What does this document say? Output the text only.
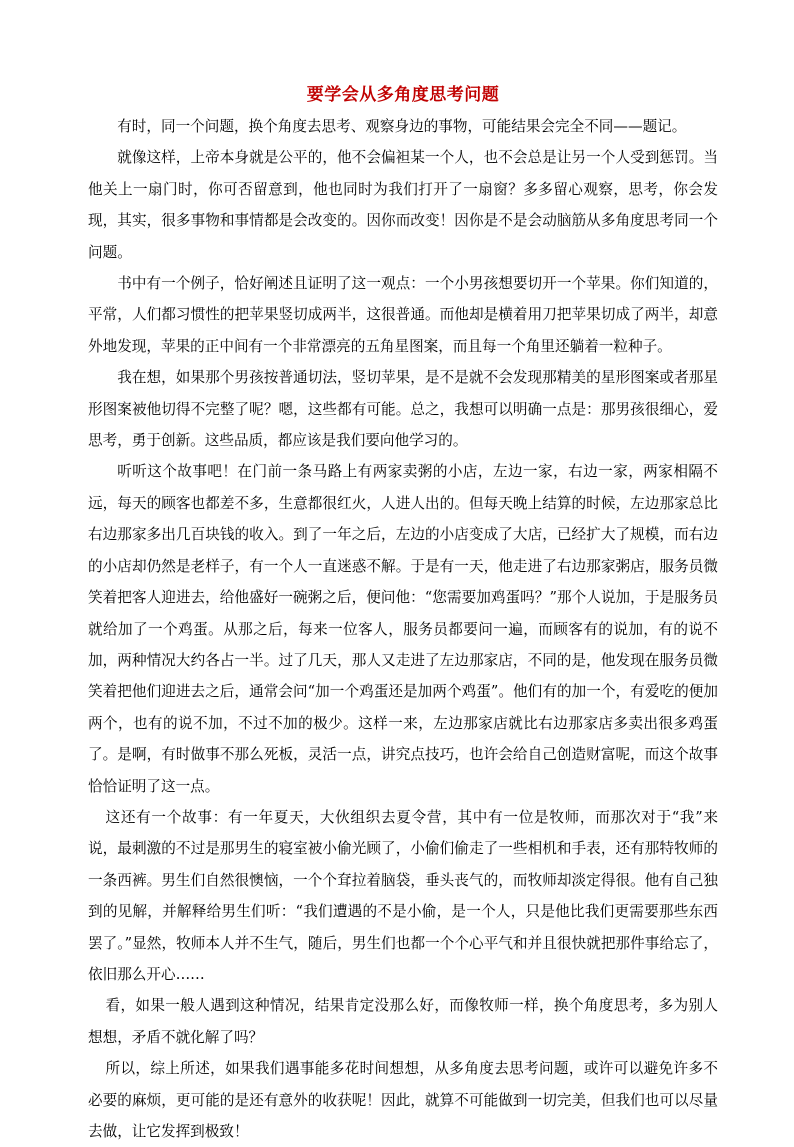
要学会从多角度思考问题

有时，同一个问题，换个角度去思考、观察身边的事物，可能结果会完全不同——题记。

就像这样，上帝本身就是公平的，他不会偏袒某一个人，也不会总是让另一个人受到惩罚。当他关上一扇门时，你可否留意到，他也同时为我们打开了一扇窗？多多留心观察，思考，你会发现，其实，很多事物和事情都是会改变的。因你而改变！因你是不是会动脑筋从多角度思考同一个问题。

书中有一个例子，恰好阐述且证明了这一观点：一个小男孩想要切开一个苹果。你们知道的，平常，人们都习惯性的把苹果竖切成两半，这很普通。而他却是横着用刀把苹果切成了两半，却意外地发现，苹果的正中间有一个非常漂亮的五角星图案，而且每一个角里还躺着一粒种子。

我在想，如果那个男孩按普通切法，竖切苹果，是不是就不会发现那精美的星形图案或者那星形图案被他切得不完整了呢？嗯，这些都有可能。总之，我想可以明确一点是：那男孩很细心，爱思考，勇于创新。这些品质，都应该是我们要向他学习的。

听听这个故事吧！在门前一条马路上有两家卖粥的小店，左边一家，右边一家，两家相隔不远，每天的顾客也都差不多，生意都很红火，人进人出的。但每天晚上结算的时候，左边那家总比右边那家多出几百块钱的收入。到了一年之后，左边的小店变成了大店，已经扩大了规模，而右边的小店却仍然是老样子，有一个人一直迷惑不解。于是有一天，他走进了右边那家粥店，服务员微笑着把客人迎进去，给他盛好一碗粥之后，便问他：“您需要加鸡蛋吗？”那个人说加，于是服务员就给加了一个鸡蛋。从那之后，每来一位客人，服务员都要问一遍，而顾客有的说加，有的说不加，两种情况大约各占一半。过了几天，那人又走进了左边那家店，不同的是，他发现在服务员微笑着把他们迎进去之后，通常会问“加一个鸡蛋还是加两个鸡蛋”。他们有的加一个，有爱吃的便加两个，也有的说不加，不过不加的极少。这样一来，左边那家店就比右边那家店多卖出很多鸡蛋了。是啊，有时做事不那么死板，灵活一点，讲究点技巧，也许会给自己创造财富呢，而这个故事恰恰证明了这一点。

这还有一个故事：有一年夏天，大伙组织去夏令营，其中有一位是牧师，而那次对于“我”来说，最刺激的不过是那男生的寝室被小偷光顾了，小偷们偷走了一些相机和手表，还有那特牧师的一条西裤。男生们自然很懊恼，一个个耷拉着脑袋，垂头丧气的，而牧师却淡定得很。他有自己独到的见解，并解释给男生们听：“我们遭遇的不是小偷，是一个人，只是他比我们更需要那些东西罢了。”显然，牧师本人并不生气，随后，男生们也都一个个心平气和并且很快就把那件事给忘了，依旧那么开心……

看，如果一般人遇到这种情况，结果肯定没那么好，而像牧师一样，换个角度思考，多为别人想想，矛盾不就化解了吗？

所以，综上所述，如果我们遇事能多花时间想想，从多角度去思考问题，或许可以避免许多不必要的麻烦，更可能的是还有意外的收获呢！因此，就算不可能做到一切完美，但我们也可以尽量去做，让它发挥到极致！
